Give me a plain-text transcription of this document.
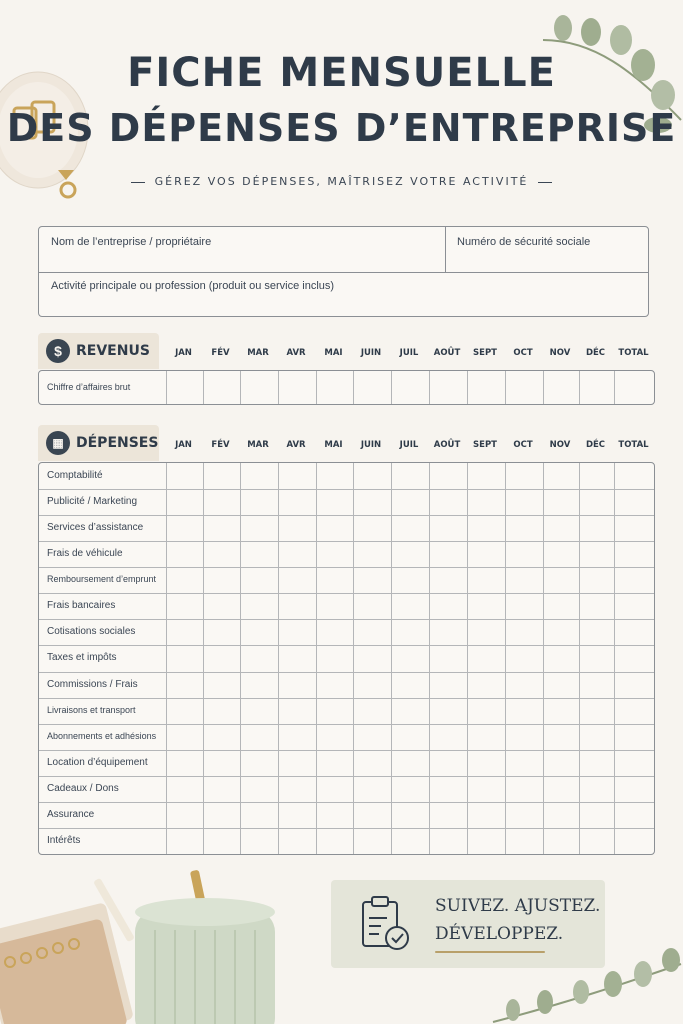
FICHE MENSUELLE
DES DÉPENSES D’ENTREPRISE
GÉREZ VOS DÉPENSES, MAÎTRISEZ VOTRE ACTIVITÉ
Nom de l’entreprise / propriétaire	Numéro de sécurité sociale
Activité principale ou profession (produit ou service inclus)
$	REVENUS	JAN	FÉV	MAR	AVR	MAI	JUIN	JUIL	AOÛT	SEPT	OCT	NOV	DÉC	TOTAL
Chiffre d’affaires brut
▦ DÉPENSES	JAN	FÉV	MAR	AVR	MAI	JUIN	JUIL	AOÛT	SEPT	OCT	NOV	DÉC	TOTAL
Comptabilité
Publicité / Marketing
Services d’assistance
Frais de véhicule
Remboursement d’emprunt
Frais bancaires
Cotisations sociales
Taxes et impôts
Commissions / Frais
Livraisons et transport
Abonnements et adhésions
Location d’équipement
Cadeaux / Dons
Assurance
Intérêts
SUIVEZ. AJUSTEZ.
DÉVELOPPEZ.
